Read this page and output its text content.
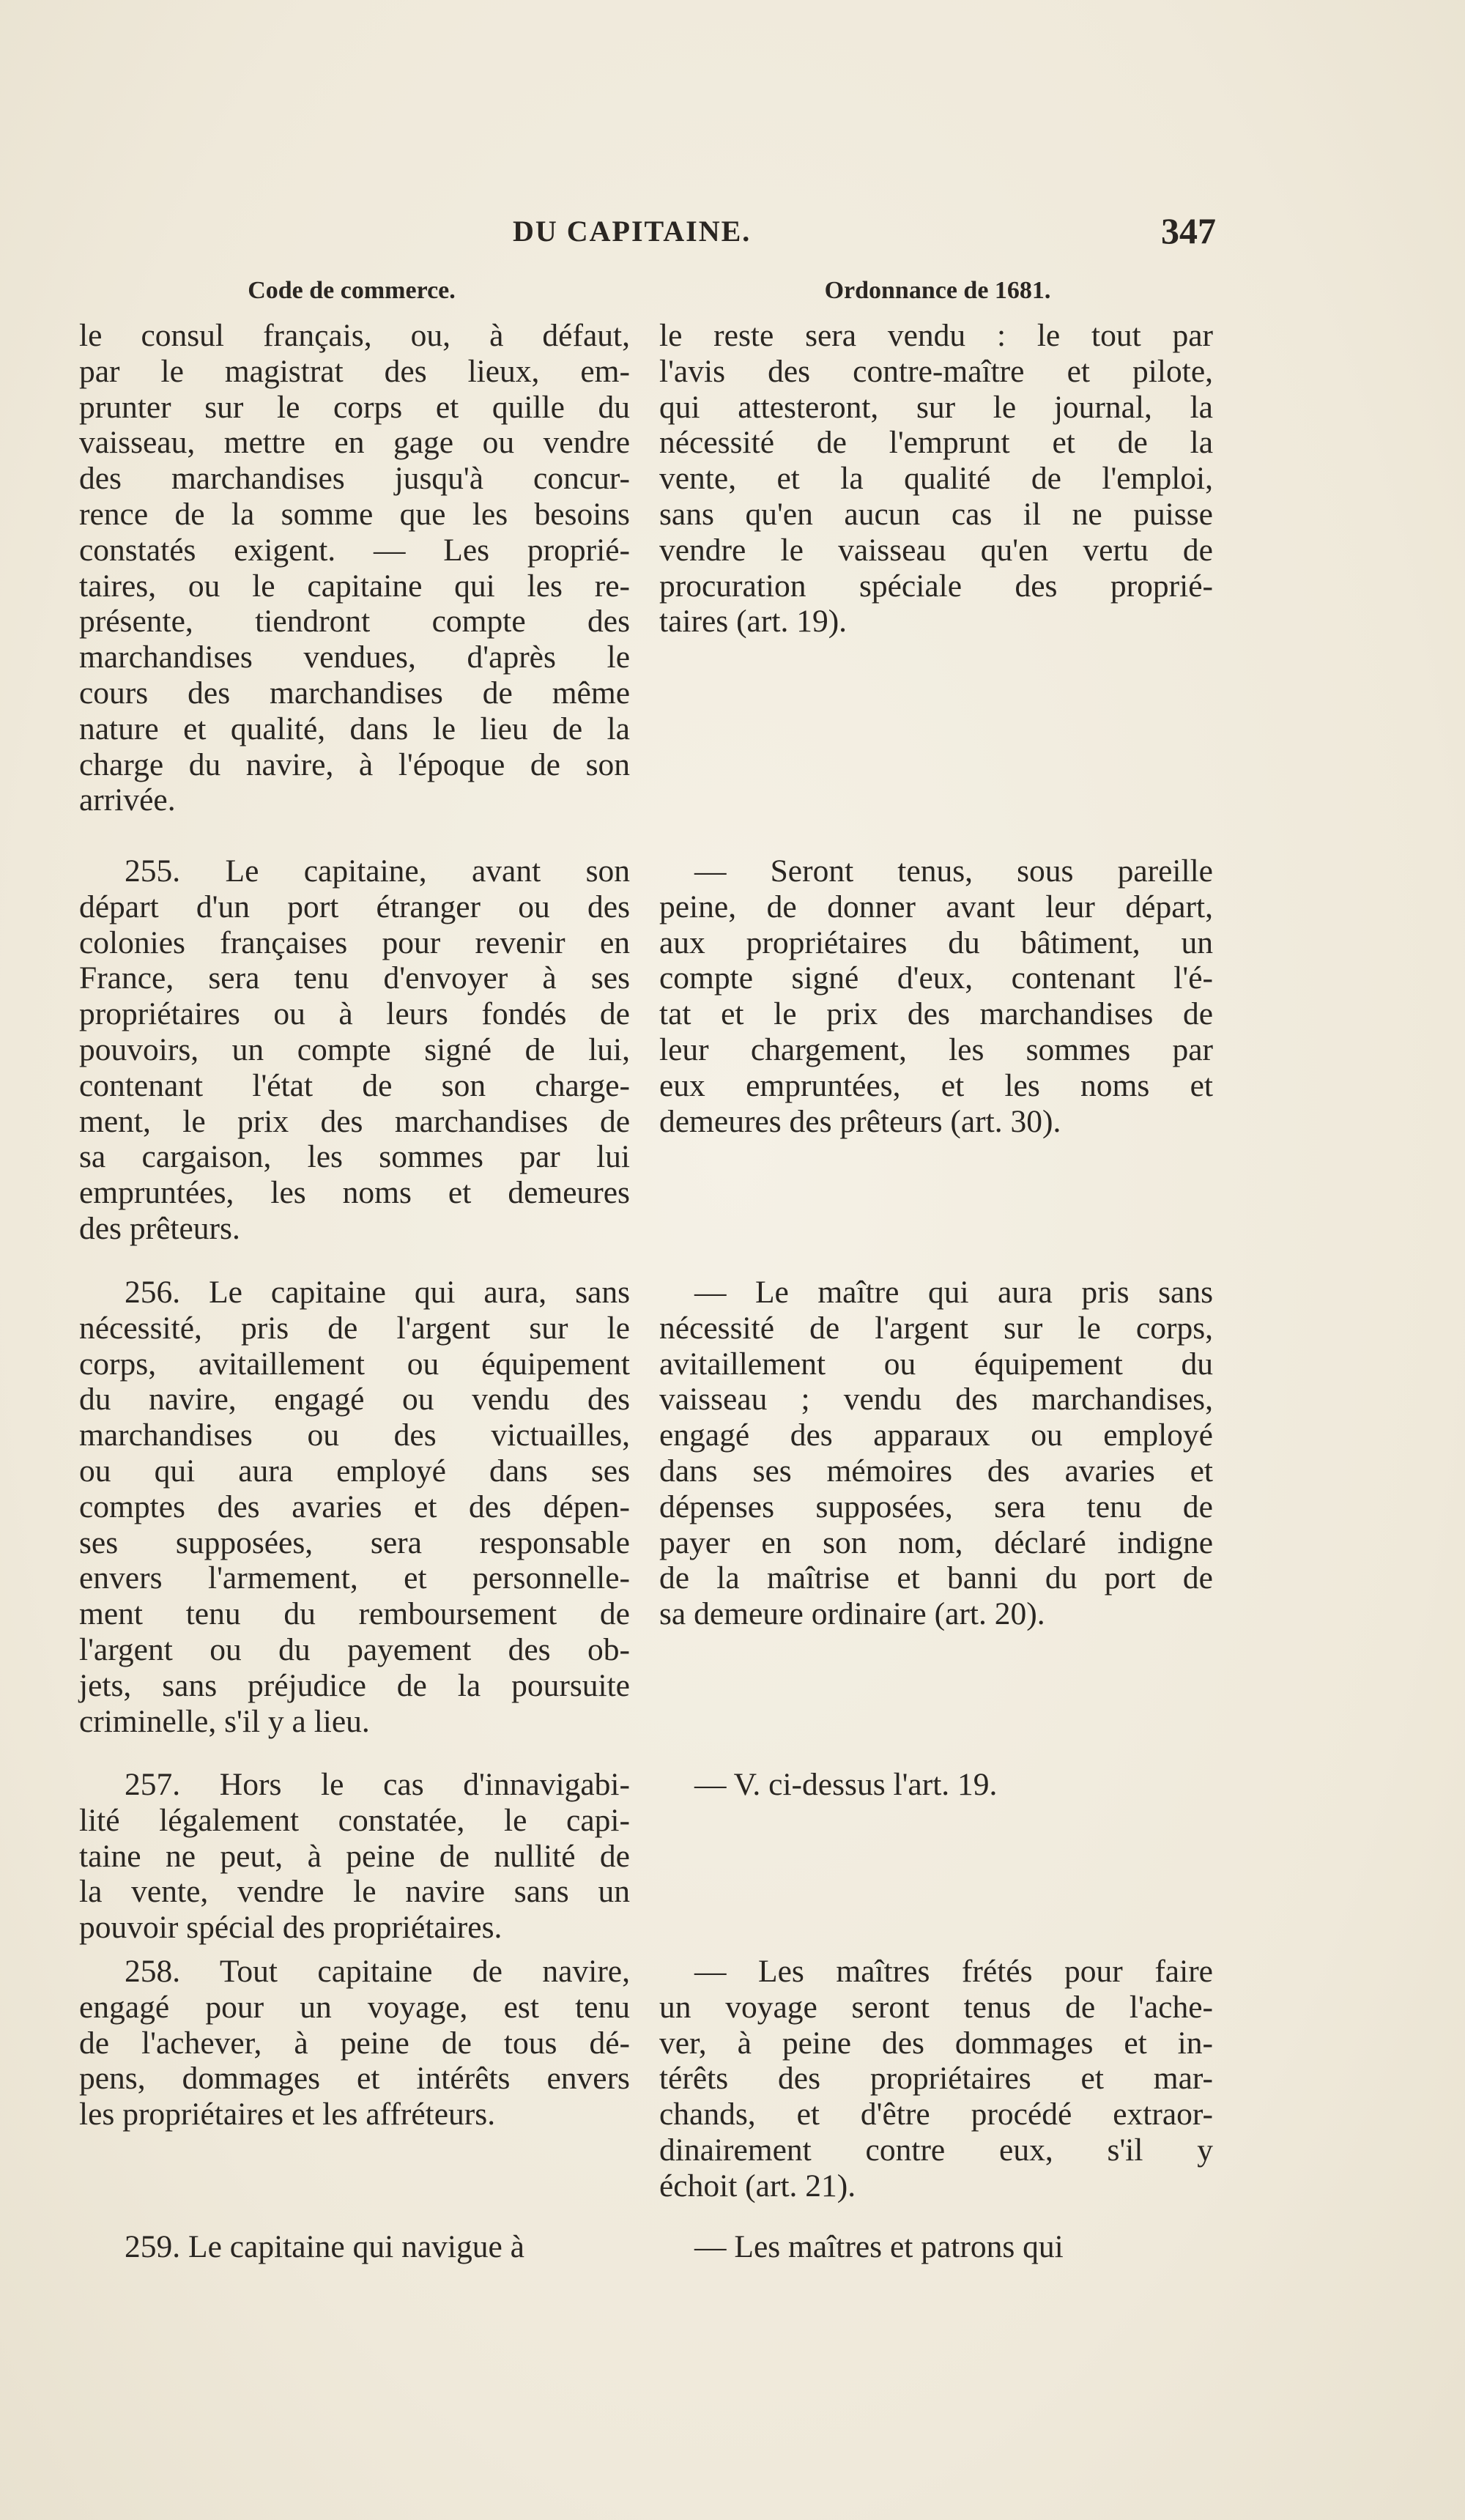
DU CAPITAINE.	347
Code de commerce.	Ordonnance de 1681.
le consul français, ou, à défaut,
par le magistrat des lieux, em-
prunter sur le corps et quille du
vaisseau, mettre en gage ou vendre
des marchandises jusqu'à concur-
rence de la somme que les besoins
constatés exigent. — Les proprié-
taires, ou le capitaine qui les re-
présente, tiendront compte des
marchandises vendues, d'après le
cours des marchandises de même
nature et qualité, dans le lieu de la
charge du navire, à l'époque de son
arrivée.
255. Le capitaine, avant son
départ d'un port étranger ou des
colonies françaises pour revenir en
France, sera tenu d'envoyer à ses
propriétaires ou à leurs fondés de
pouvoirs, un compte signé de lui,
contenant l'état de son charge-
ment, le prix des marchandises de
sa cargaison, les sommes par lui
empruntées, les noms et demeures
des prêteurs.
256. Le capitaine qui aura, sans
nécessité, pris de l'argent sur le
corps, avitaillement ou équipement
du navire, engagé ou vendu des
marchandises ou des victuailles,
ou qui aura employé dans ses
comptes des avaries et des dépen-
ses supposées, sera responsable
envers l'armement, et personnelle-
ment tenu du remboursement de
l'argent ou du payement des ob-
jets, sans préjudice de la poursuite
criminelle, s'il y a lieu.
257. Hors le cas d'innavigabi-
lité légalement constatée, le capi-
taine ne peut, à peine de nullité de
la vente, vendre le navire sans un
pouvoir spécial des propriétaires.
258. Tout capitaine de navire,
engagé pour un voyage, est tenu
de l'achever, à peine de tous dé-
pens, dommages et intérêts envers
les propriétaires et les affréteurs.
259. Le capitaine qui navigue à
le reste sera vendu : le tout par
l'avis des contre-maître et pilote,
qui attesteront, sur le journal, la
nécessité de l'emprunt et de la
vente, et la qualité de l'emploi,
sans qu'en aucun cas il ne puisse
vendre le vaisseau qu'en vertu de
procuration spéciale des proprié-
taires (art. 19).
— Seront tenus, sous pareille
peine, de donner avant leur départ,
aux propriétaires du bâtiment, un
compte signé d'eux, contenant l'é-
tat et le prix des marchandises de
leur chargement, les sommes par
eux empruntées, et les noms et
demeures des prêteurs (art. 30).
— Le maître qui aura pris sans
nécessité de l'argent sur le corps,
avitaillement ou équipement du
vaisseau ; vendu des marchandises,
engagé des apparaux ou employé
dans ses mémoires des avaries et
dépenses supposées, sera tenu de
payer en son nom, déclaré indigne
de la maîtrise et banni du port de
sa demeure ordinaire (art. 20).
— V. ci-dessus l'art. 19.
— Les maîtres frétés pour faire
un voyage seront tenus de l'ache-
ver, à peine des dommages et in-
térêts des propriétaires et mar-
chands, et d'être procédé extraor-
dinairement contre eux, s'il y
échoit (art. 21).
— Les maîtres et patrons qui
